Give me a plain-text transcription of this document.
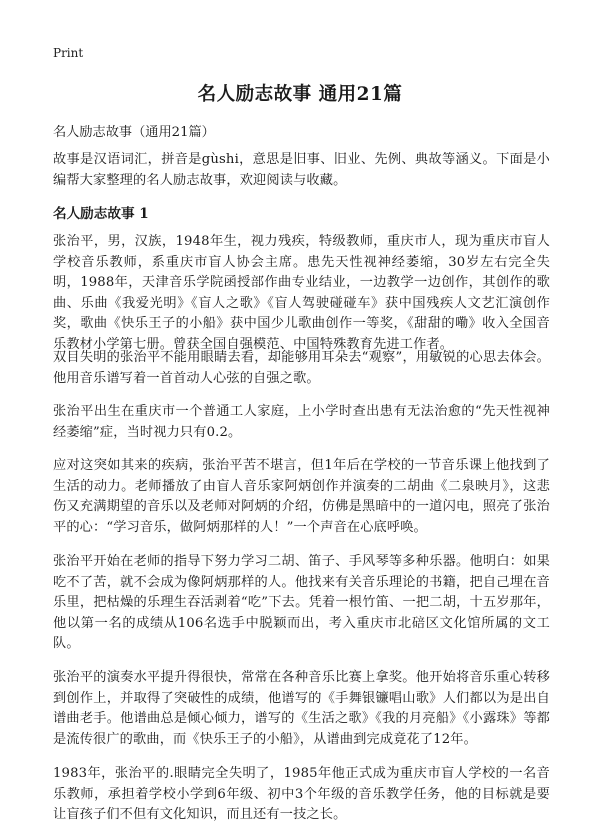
Print
名人励志故事 通用21篇
名人励志故事（通用21篇）
故事是汉语词汇，拼音是gùshi，意思是旧事、旧业、先例、典故等涵义。下面是小编帮大家整理的名人励志故事，欢迎阅读与收藏。
名人励志故事 1
张治平，男，汉族，1948年生，视力残疾，特级教师，重庆市人，现为重庆市盲人学校音乐教师，系重庆市盲人协会主席。患先天性视神经萎缩，30岁左右完全失明，1988年，天津音乐学院函授部作曲专业结业，一边教学一边创作，其创作的歌曲、乐曲《我爱光明》《盲人之歌》《盲人驾驶碰碰车》获中国残疾人文艺汇演创作奖，歌曲《快乐王子的小船》获中国少儿歌曲创作一等奖，《甜甜的嘞》收入全国音乐教材小学第七册。曾获全国自强模范、中国特殊教育先进工作者。
双目失明的张治平不能用眼睛去看，却能够用耳朵去“观察”，用敏锐的心思去体会。他用音乐谱写着一首首动人心弦的自强之歌。
张治平出生在重庆市一个普通工人家庭，上小学时查出患有无法治愈的“先天性视神经萎缩”症，当时视力只有0.2。
应对这突如其来的疾病，张治平苦不堪言，但1年后在学校的一节音乐课上他找到了生活的动力。老师播放了由盲人音乐家阿炳创作并演奏的二胡曲《二泉映月》，这悲伤又充满期望的音乐以及老师对阿炳的介绍，仿佛是黑暗中的一道闪电，照亮了张治平的心：“学习音乐，做阿炳那样的人！”一个声音在心底呼唤。
张治平开始在老师的指导下努力学习二胡、笛子、手风琴等多种乐器。他明白：如果吃不了苦，就不会成为像阿炳那样的人。他找来有关音乐理论的书籍，把自己埋在音乐里，把枯燥的乐理生吞活剥着“吃”下去。凭着一根竹笛、一把二胡，十五岁那年，他以第一名的成绩从106名选手中脱颖而出，考入重庆市北碚区文化馆所属的文工队。
张治平的演奏水平提升得很快，常常在各种音乐比赛上拿奖。他开始将音乐重心转移到创作上，并取得了突破性的成绩，他谱写的《手舞银镰唱山歌》人们都以为是出自谱曲老手。他谱曲总是倾心倾力，谱写的《生活之歌》《我的月亮船》《小露珠》等都是流传很广的歌曲，而《快乐王子的小船》，从谱曲到完成竟花了12年。
1983年，张治平的.眼睛完全失明了，1985年他正式成为重庆市盲人学校的一名音乐教师，承担着学校小学到6年级、初中3个年级的音乐教学任务，他的目标就是要让盲孩子们不但有文化知识，而且还有一技之长。
